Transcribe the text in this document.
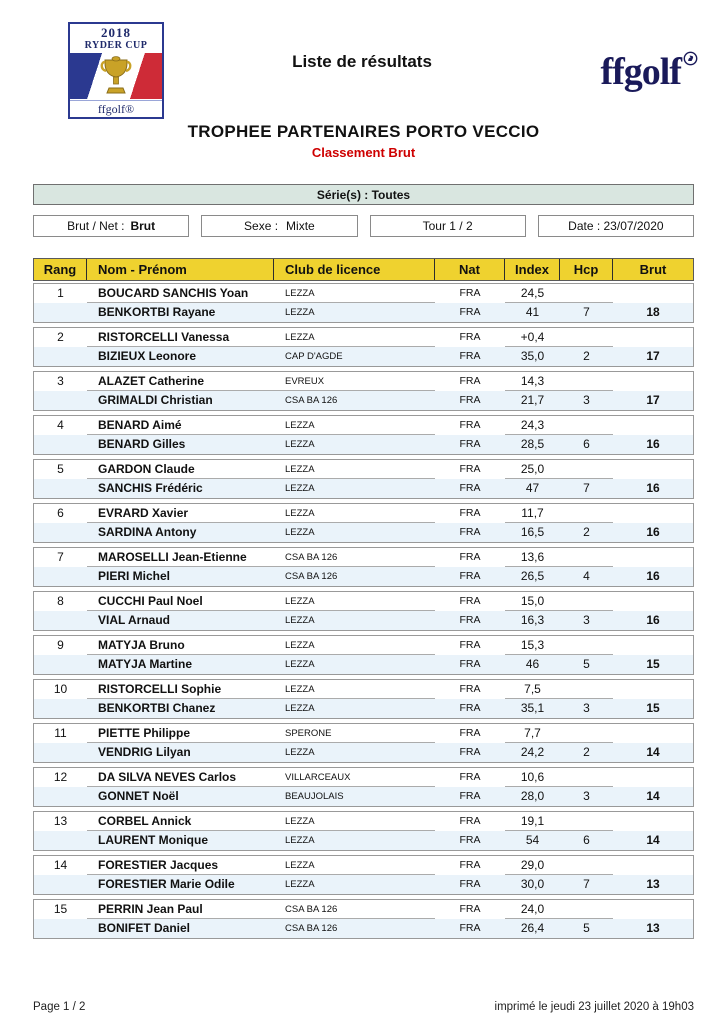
2018
RYDER CUP
ffgolf®
Liste de résultats	ffgolf
TROPHEE PARTENAIRES PORTO VECCIO
Classement Brut
Série(s) : Toutes
Brut / Net : Brut	Sexe : Mixte	Tour 1 / 2	Date : 23/07/2020
Rang	Nom - Prénom	Club de licence	Nat	Index	Hcp	Brut
1	BOUCARD SANCHIS Yoan	LEZZA	FRA	24,5
BENKORTBI Rayane	LEZZA	FRA	41	7	18
2	RISTORCELLI Vanessa	LEZZA	FRA	+0,4
BIZIEUX Leonore	CAP D'AGDE	FRA	35,0	2	17
3	ALAZET Catherine	EVREUX	FRA	14,3
GRIMALDI Christian	CSA BA 126	FRA	21,7	3	17
4	BENARD Aimé	LEZZA	FRA	24,3
BENARD Gilles	LEZZA	FRA	28,5	6	16
5	GARDON Claude	LEZZA	FRA	25,0
SANCHIS Frédéric	LEZZA	FRA	47	7	16
6	EVRARD Xavier	LEZZA	FRA	11,7
SARDINA Antony	LEZZA	FRA	16,5	2	16
7	MAROSELLI Jean-Etienne	CSA BA 126	FRA	13,6
PIERI Michel	CSA BA 126	FRA	26,5	4	16
8	CUCCHI Paul Noel	LEZZA	FRA	15,0
VIAL Arnaud	LEZZA	FRA	16,3	3	16
9	MATYJA Bruno	LEZZA	FRA	15,3
MATYJA Martine	LEZZA	FRA	46	5	15
10	RISTORCELLI Sophie	LEZZA	FRA	7,5
BENKORTBI Chanez	LEZZA	FRA	35,1	3	15
11	PIETTE Philippe	SPERONE	FRA	7,7
VENDRIG Lilyan	LEZZA	FRA	24,2	2	14
12	DA SILVA NEVES Carlos	VILLARCEAUX	FRA	10,6
GONNET Noël	BEAUJOLAIS	FRA	28,0	3	14
13	CORBEL Annick	LEZZA	FRA	19,1
LAURENT Monique	LEZZA	FRA	54	6	14
14	FORESTIER Jacques	LEZZA	FRA	29,0
FORESTIER Marie Odile	LEZZA	FRA	30,0	7	13
15	PERRIN Jean Paul	CSA BA 126	FRA	24,0
BONIFET Daniel	CSA BA 126	FRA	26,4	5	13
Page 1 / 2	imprimé le jeudi 23 juillet 2020 à 19h03
